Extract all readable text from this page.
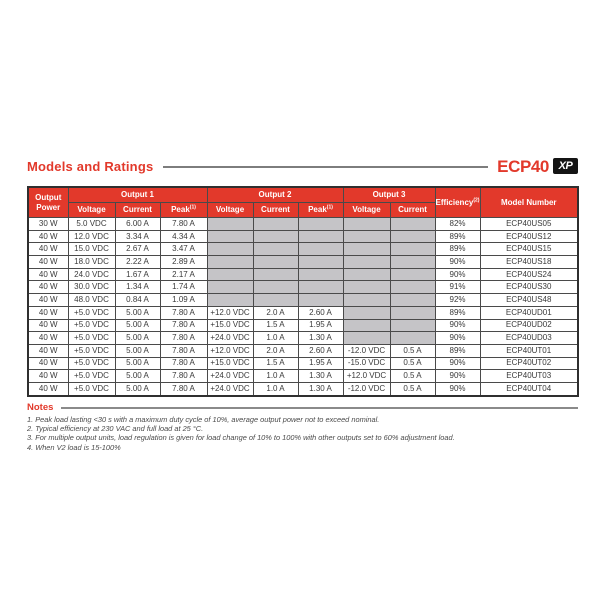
Models and Ratings	ECP40 XP
Output Power	Output 1			Output 2			Output 3		Efficiency$^{(2)}$	Model Number
	Voltage	Current	Peak$^{(1)}$	Voltage	Current	Peak$^{(1)}$	Voltage	Current		
30 W	5.0 VDC	6.00 A	7.80 A						82%	ECP40US05
40 W	12.0 VDC	3.34 A	4.34 A						89%	ECP40US12
40 W	15.0 VDC	2.67 A	3.47 A						89%	ECP40US15
40 W	18.0 VDC	2.22 A	2.89 A						90%	ECP40US18
40 W	24.0 VDC	1.67 A	2.17 A						90%	ECP40US24
40 W	30.0 VDC	1.34 A	1.74 A						91%	ECP40US30
40 W	48.0 VDC	0.84 A	1.09 A						92%	ECP40US48
40 W	+5.0 VDC	5.00 A	7.80 A	+12.0 VDC	2.0 A	2.60 A			89%	ECP40UD01
40 W	+5.0 VDC	5.00 A	7.80 A	+15.0 VDC	1.5 A	1.95 A			90%	ECP40UD02
40 W	+5.0 VDC	5.00 A	7.80 A	+24.0 VDC	1.0 A	1.30 A			90%	ECP40UD03
40 W	+5.0 VDC	5.00 A	7.80 A	+12.0 VDC	2.0 A	2.60 A	-12.0 VDC	0.5 A	89%	ECP40UT01
40 W	+5.0 VDC	5.00 A	7.80 A	+15.0 VDC	1.5 A	1.95 A	-15.0 VDC	0.5 A	90%	ECP40UT02
40 W	+5.0 VDC	5.00 A	7.80 A	+24.0 VDC	1.0 A	1.30 A	+12.0 VDC	0.5 A	90%	ECP40UT03
40 W	+5.0 VDC	5.00 A	7.80 A	+24.0 VDC	1.0 A	1.30 A	-12.0 VDC	0.5 A	90%	ECP40UT04
Notes
1. Peak load lasting <30 s with a maximum duty cycle of 10%, average output power not to exceed nominal.
2. Typical efficiency at 230 VAC and full load at 25 °C.
3. For multiple output units, load regulation is given for load change of 10% to 100% with other outputs set to 60% adjustment load.
4. When V2 load is 15-100%
